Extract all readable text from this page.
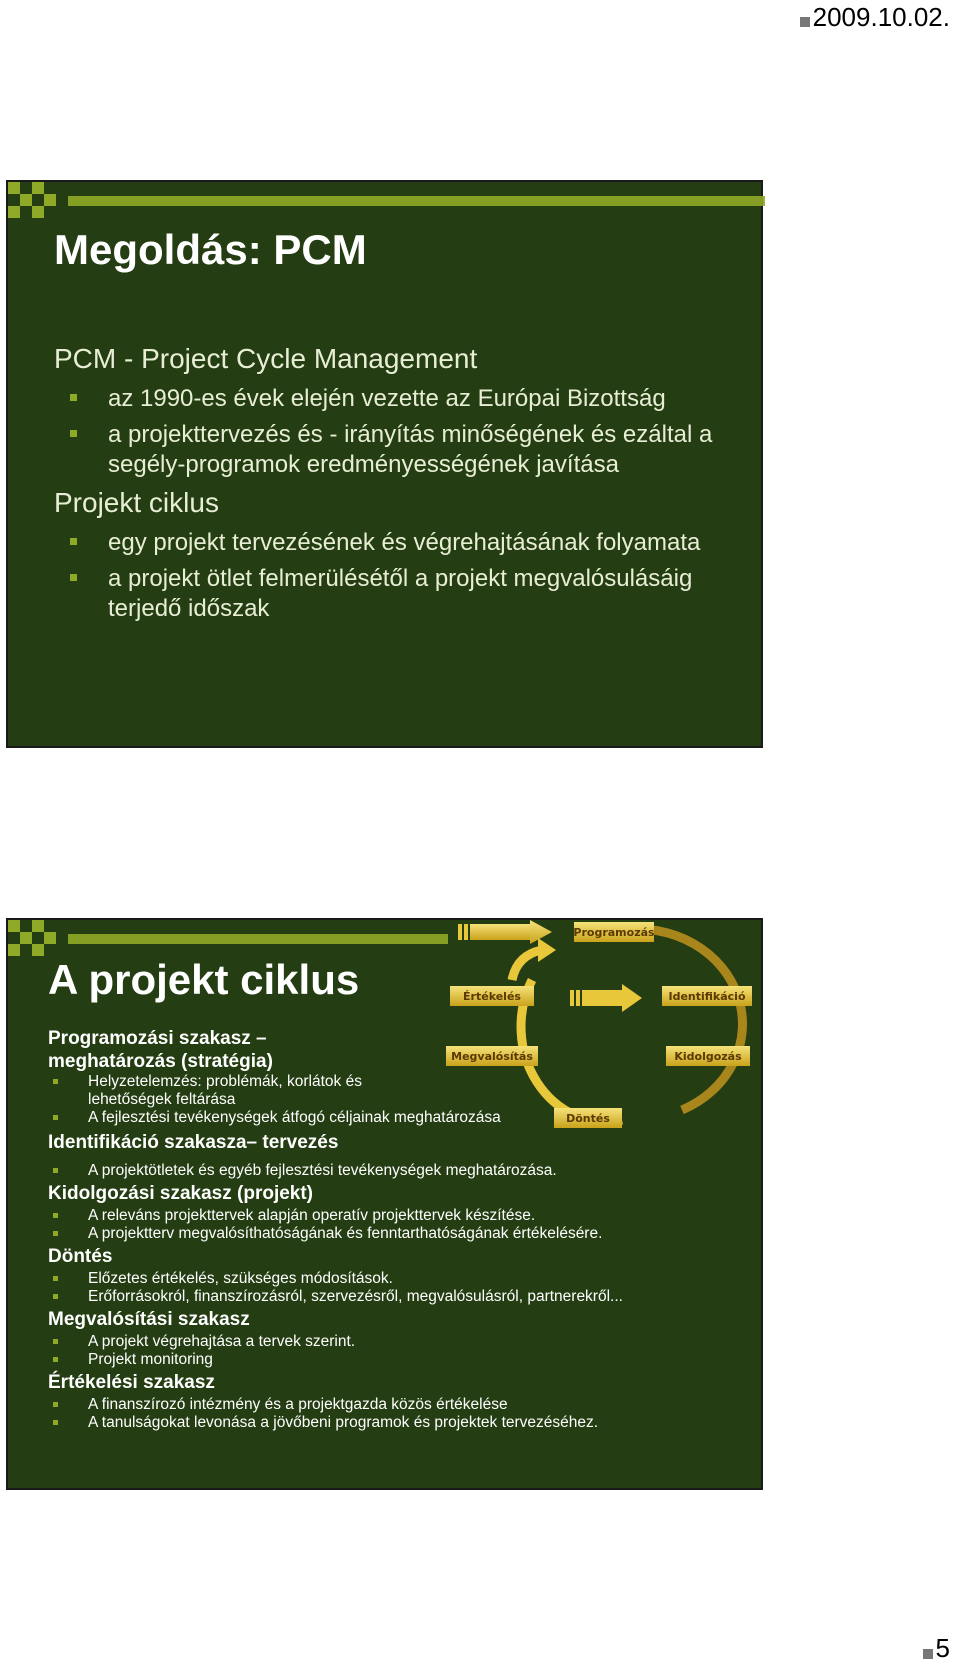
2009.10.02.
Megoldás: PCM
PCM - Project Cycle Management
az 1990-es évek elején vezette az Európai Bizottság
a projekttervezés és - irányítás minőségének és ezáltal a segély-programok eredményességének javítása
Projekt ciklus
egy projekt tervezésének és végrehajtásának folyamata
a projekt ötlet felmerülésétől a projekt megvalósulásáig terjedő időszak
Programozás
Értékelés	Identifikáció
Megvalósítás	Kidolgozás
Döntés
A projekt ciklus
Programozási szakasz –
meghatározás (stratégia)
Helyzetelemzés: problémák, korlátok és lehetőségek feltárása
A fejlesztési tevékenységek átfogó céljainak meghatározása
Identifikáció szakasza– tervezés
A projektötletek és egyéb fejlesztési tevékenységek meghatározása.
Kidolgozási szakasz (projekt)
A releváns projekttervek alapján operatív projekttervek készítése.
A projektterv megvalósíthatóságának és fenntarthatóságának értékelésére.
Döntés
Előzetes értékelés, szükséges módosítások.
Erőforrásokról, finanszírozásról, szervezésről, megvalósulásról, partnerekről...
Megvalósítási szakasz
A projekt végrehajtása a tervek szerint.
Projekt monitoring
Értékelési szakasz
A finanszírozó intézmény és a projektgazda közös értékelése
A tanulságokat levonása a jövőbeni programok és projektek tervezéséhez.
5
